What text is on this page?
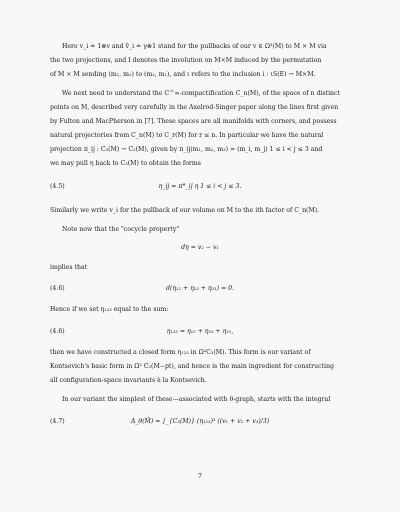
Here v_i ≐ 1⊗v and v̂_i ≐ γ⊗1 stand for the pullbacks of our v ∈ Ω³(M) to M × M via
the two projections, and I denotes the involution on M×M induced by the permutation
of M × M sending (m₁, m₂) to (m₂, m₁), and ι refers to the inclusion i : ιS(E) → M×M.
We next need to understand the C^∞-compactification C_n(M), of the space of n distinct
points on M, described very carefully in the Axelrod-Singer paper along the lines first given
by Fulton and MacPherson in [7]. These spaces are all manifolds with corners, and possess
natural projectories from C_n(M) to C_r(M) for r ≤ n. In particular we have the natural
projection π_ij : C₃(M) → C₂(M), given by π_ij(m₁, m₂, m₃) = (m_i, m_j) 1 ≤ i < j ≤ 3 and
we may pull η back to C₃(M) to obtain the forms
(4.5)	η_ij = π*_ij η 1 ≤ i < j ≤ 3.
Similarly we write v_i for the pullback of our volume on M to the ith factor of C_n(M).
Note now that the "cocycle property"
dη = v₂ − v₁
implies that
(4.6)	d(η₁₂ + η₂₃ + η₃₁) = 0.
Hence if we set η₁₂₃ equal to the sum:
(4.6)	η₁₂₃ = η₁₂ + η₂₃ + η₃₁,
then we have constructed a closed form η₁₂₃ in Ω²C₃(M). This form is our variant of
Kontsevich's basic form in Ω² C₂(M−pt), and hence is the main ingredient for constructing
all configuration-space invariants à la Kontsevich.
In our variant the simplest of these—associated with θ-graph, starts with the integral
(4.7)	A_θ(M̃) = ∫_{C₃(M)} (η₁₂₃)³ ((v₁ + v₂ + v₃)/3)
7
